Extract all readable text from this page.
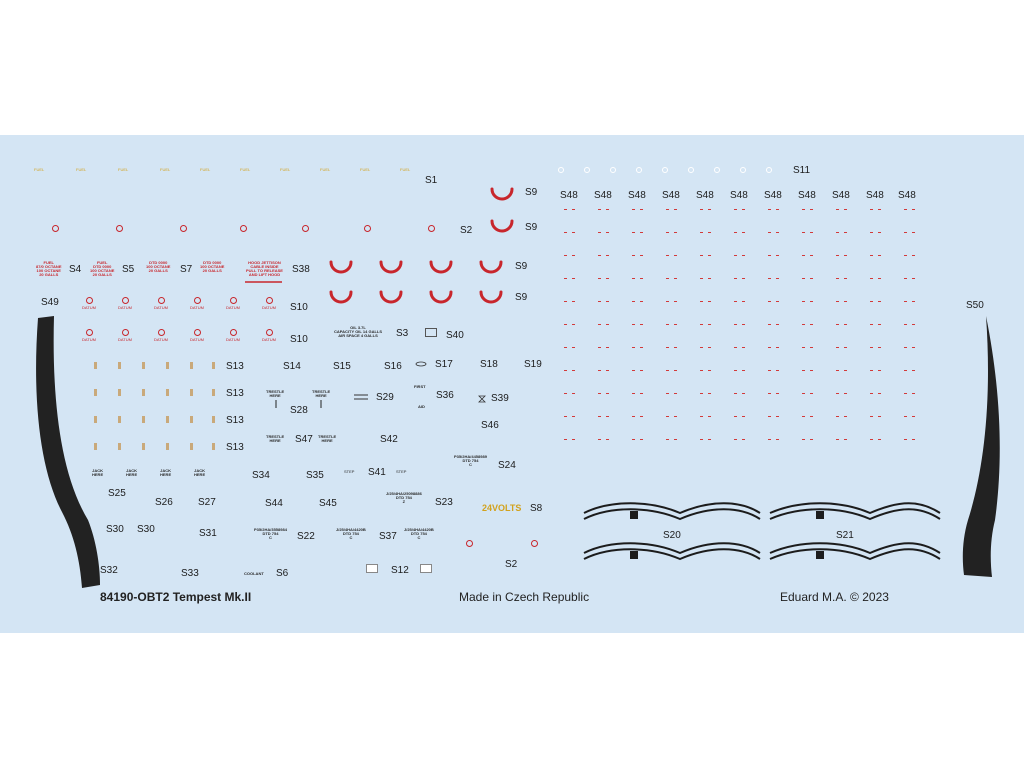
FUEL	FUEL	FUEL	FUEL	FUEL	FUEL	FUEL	FUEL	FUEL	FUEL
S1
S2
S9
S9
S9
S9
FUEL
87/0 OCTANE
100 OCTANE
20 GALLS	S4
FUEL
DTD 0000
100 OCTANE
20 GALLS S5
DTD 0000
100 OCTANE
20 GALLS S7
DTD 0000
100 OCTANE
20 GALLS
HOOD JETTISON
CABLE INSIDE
PULL TO RELEASE
AND LIFT HOOD S38
DATUM	DATUM	DATUM	DATUM	DATUM	DATUM S10
DATUM	DATUM	DATUM	DATUM	DATUM	DATUM S10
OIL 3.7L
CAPACITY OIL 14 GALLS
AIR SPACE 4 GALLS	S3	S40
S49	S50
S13
S13
S13
S13
S14	S15	S16	S17	S18	S19
TRESTLE
HERE
TRESTLE
HERE
S28
S29
FIRST
AID
S36	S39
S46
TRESTLE
HERE	S47 TRESTLE
HERE	S42
P35/2HA/4458989
DTD 754
C	S24
JACK
HERE
JACK
HERE
JACK
HERE
JACK
HERE
S25
S26	S27
S34	S35	STEP S41	STEP
S44	S45
J/25/4HA/25098886
DTD 754
Z	S23	24VOLTS S8
S30 S30	S31	P35/2HA/3558984
DTD 754
C	S22
J/25/4HA/4420B
DTD 754
C	S37
J/25/4HA/4420B
DTD 754
C
S2
S32	S33	COOLANT S6	S12
S11
S48 S48 S48 S48 S48 S48 S48 S48 S48 S48 S48
S20	S21
84190-OBT2 Tempest Mk.II	Made in Czech Republic	Eduard M.A. © 2023
